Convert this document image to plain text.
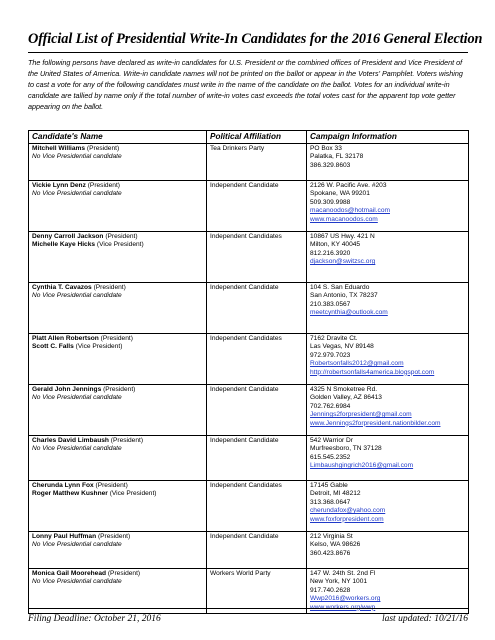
Official List of Presidential Write-In Candidates for the 2016 General Election

The following persons have declared as write-in candidates for U.S. President or the combined offices of President and Vice President of the United States of America. Write-in candidate names will not be printed on the ballot or appear in the Voters' Pamphlet. Voters wishing to cast a vote for any of the following candidates must write in the name of the candidate on the ballot. Votes for an individual write-in candidate are tallied by name only if the total number of write-in votes cast exceeds the total votes cast for the apparent top vote getter appearing on the ballot.

Candidate's Name	Political Affiliation	Campaign Information

Mitchell Williams (President)
No Vice Presidential candidate	Tea Drinkers Party	PO Box 33
Palatka, FL 32178
386.329.8603

Vickie Lynn Denz (President)
No Vice Presidential candidate	Independent Candidate	2126 W. Pacific Ave. #203
Spokane, WA 99201
509.309.9988
macanoodos@hotmail.com
www.macanoodos.com

Denny Carroll Jackson (President)
Michelle Kaye Hicks (Vice President)	Independent Candidates	10867 US Hwy. 421 N
Milton, KY 40045
812.216.3920
djackson@switzsc.org

Cynthia T. Cavazos (President)
No Vice Presidential candidate	Independent Candidate	104 S. San Eduardo
San Antonio, TX 78237
210.383.0567
meetcynthia@outlook.com

Platt Allen Robertson (President)
Scott C. Falls (Vice President)	Independent Candidates	7162 Dravite Ct.
Las Vegas, NV 89148
972.979.7023
Robertsonfalls2012@gmail.com
http://robertsonfalls4america.blogspot.com

Gerald John Jennings (President)
No Vice Presidential candidate	Independent Candidate	4325 N Smoketree Rd.
Golden Valley, AZ 86413
702.762.6984
Jennings2forpresident@gmail.com
www.Jennings2forpresident.nationbilder.com

Charles David Limbaush (President)
No Vice Presidential candidate	Independent Candidate	542 Warrior Dr
Murfreesboro, TN 37128
615.545.2352
Limbaushgingrich2016@gmail.com

Cherunda Lynn Fox (President)
Roger Matthew Kushner (Vice President)	Independent Candidates	17145 Gable
Detroit, MI 48212
313.368.0647
cherundafox@yahoo.com
www.foxforpresident.com

Lonny Paul Huffman (President)
No Vice Presidential candidate	Independent Candidate	212 Virginia St
Kelso, WA 98626
360.423.8676

Monica Gail Moorehead (President)
No Vice Presidential candidate	Workers World Party	147 W. 24th St. 2nd Fl
New York, NY 1001
917.740.2628
Wwp2016@workers.org
www.workers.org/wwp
Filing Deadline: October 21, 2016	last updated: 10/21/16
